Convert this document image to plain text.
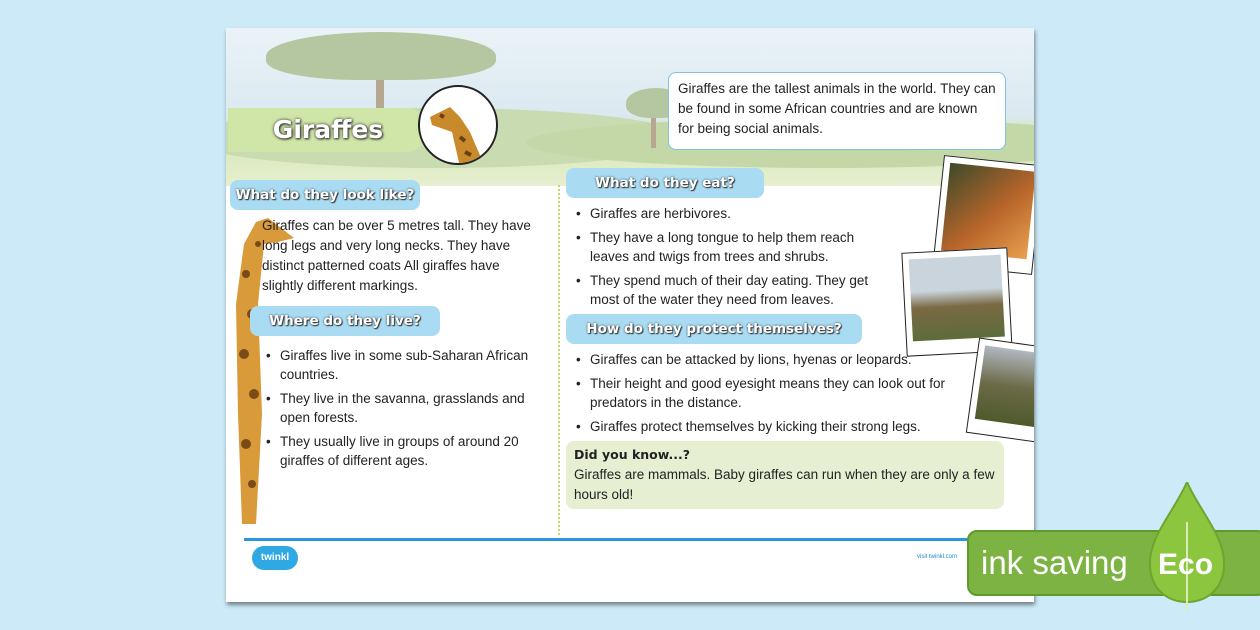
Giraffes
Giraffes are the tallest animals in the world. They can be found in some African countries and are known for being social animals.
What do they look like?
Giraffes can be over 5 metres tall. They have long legs and very long necks. They have distinct patterned coats All giraffes have slightly different markings.
Where do they live?
• Giraffes live in some sub-Saharan African countries.
• They live in the savanna, grasslands and open forests.
• They usually live in groups of around 20 giraffes of different ages.
What do they eat?
• Giraffes are herbivores.
• They have a long tongue to help them reach leaves and twigs from trees and shrubs.
• They spend much of their day eating. They get most of the water they need from leaves.
How do they protect themselves?
• Giraffes can be attacked by lions, hyenas or leopards.
• Their height and good eyesight means they can look out for predators in the distance.
• Giraffes protect themselves by kicking their strong legs.
Did you know...?
Giraffes are mammals. Baby giraffes can run when they are only a few hours old!
twinkl	visit twinkl.com ink saving	Eco
